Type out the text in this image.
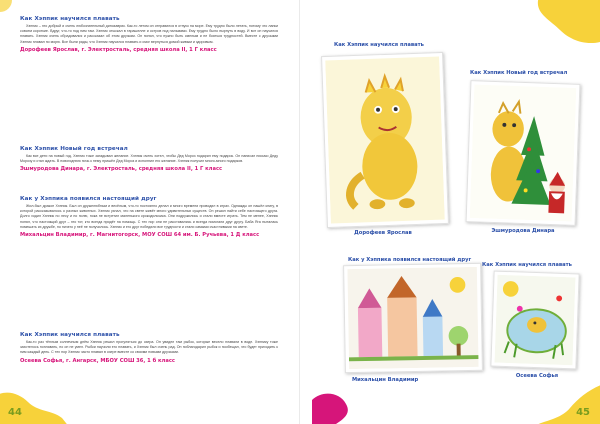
Как Хэппик научился плавать

Хэппик – это добрый и очень любознательный динозаврик. Как-то летом он отправился в отпуск на море. Ему трудно было летать, потому что лапки совсем короткие. Вдруг, что-то под ним там. Хэппик отыскал в тарашелле и остров под пальмами. Ему трудно было нырнуть в воду. И вот он научился плавать. Хэппик очень обрадовался и рассказал об этом друзьям. Он понял, что нужно быть смелым и не бояться трудностей. Вместе с друзьями Хэппик плавал по морю. Все были рады, что Хэппик научился плавать и смог вернуться домой живым и здоровым.

Дорофеев Ярослав, г. Электросталь, средняя школа II, 1 Г класс
Как Хэппик Новый год встречал

Как все дети на новый год, Хэппик тоже загадывал желание. Хэппик очень хотел, чтобы Дед Мороз подарил ему подарок. Он написал письмо Деду Морозу и стал ждать. В новогоднюю ночь к нему пришёл Дед Мороз и исполнил его желание. Хэппик получил много-много подарков.

Эшмуродова Динара, г. Электросталь, средняя школа II, 1 Г класс
Как у Хэппика появился настоящий друг

Жил-был дракон Хэппик. Был он дружелюбным и весёлым, что-то постоянно делал и много времени проводил в играх. Однажды он нашёл книгу, в которой рассказывалось о разных животных. Хэппик узнал, что на свете живёт много удивительных существ. Он решил найти себе настоящего друга. Долго ходил Хэппик по лесу и по полю, пока не встретил маленького крокодильчика. Они подружились и стали вместе играть. Тем не менее, Хэппик понял, что настоящий друг – это тот, кто всегда придёт на помощь. С тех пор они не расставались и всегда помогали друг другу. Баба Яга пыталась помешать их дружбе, но ничего у неё не получилось. Хэппик и его друг победили все трудности и стали самыми счастливыми на свете.

Михальцин Владимир, г. Магнитогорск, МОУ СОШ 64 им. Б. Ручьева, 1 Д класс
Как Хэппик научился плавать

Как-то раз тёплым солнечным днём Хэппик решил прогуляться до озера. Он увидел там рыбок, которые весело плавали в воде. Хэппику тоже захотелось поплавать, но он не умел. Рыбки научили его плавать, и Хэппик был очень рад. Он поблагодарил рыбок и пообещал, что будет приходить к ним каждый день. С тех пор Хэппик часто плавал в озере вместе со своими новыми друзьями.

Осеева Софья, г. Ангарск, МБОУ СОШ 36, 1 б класс
44
Как Хэппик научился плавать
Дорофеев Ярослав
Как Хэппик Новый год встречал
Эшмуродова Динара
Как у Хэппика появился настоящий друг
Михальцин Владимир
Как Хэппик научился плавать
Осеева Софья
45
